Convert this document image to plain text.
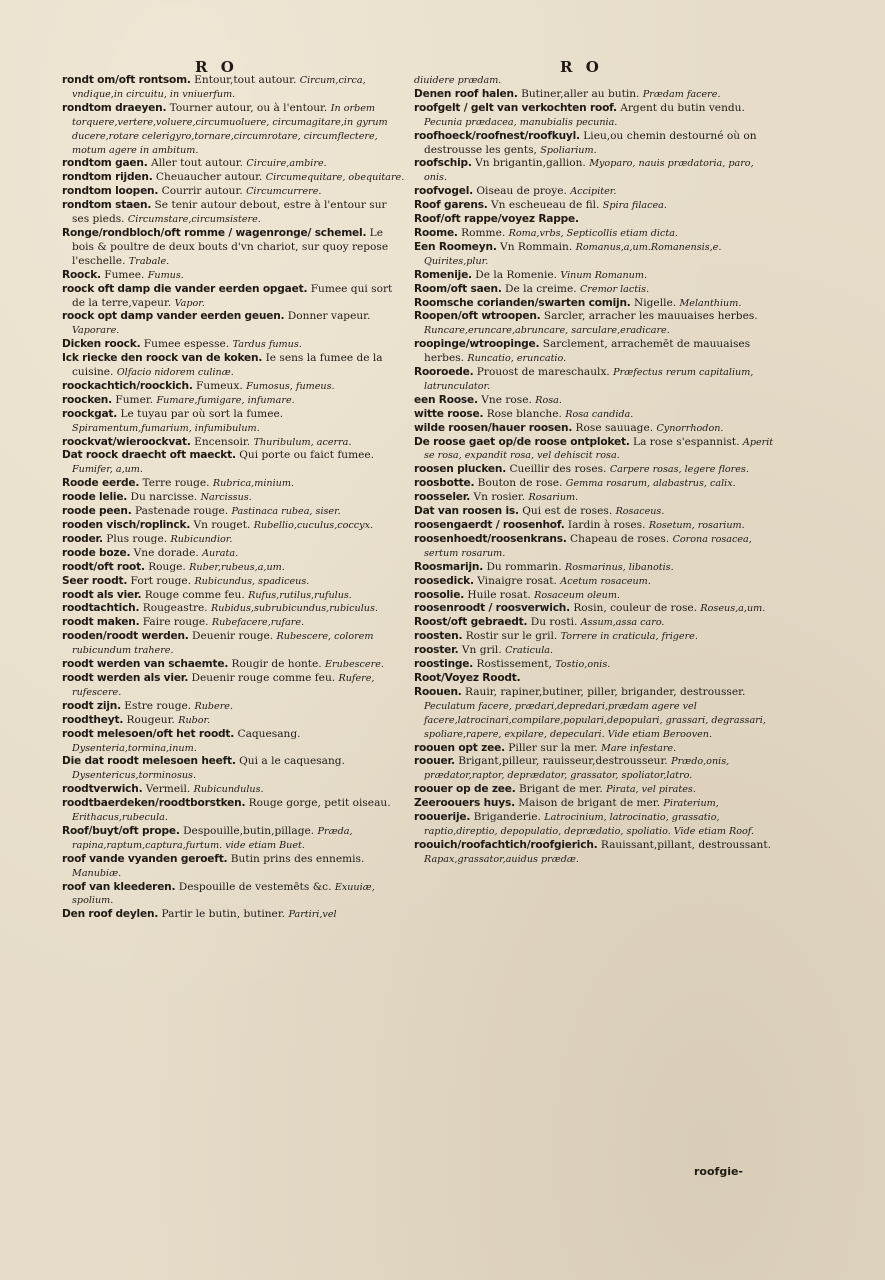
R O	R O

rondt om/oft rontsom. Entour,tout autour. Circum,circa, vndique,in circuitu, in vniuerfum.

rondtom draeyen. Tourner autour, ou à l'entour. In orbem torquere,vertere,voluere,circumuoluere, circumagitare,in gyrum ducere,rotare celerigyro,tornare,circumrotare, circumflectere, motum agere in ambitum.

rondtom gaen. Aller tout autour. Circuire,ambire.

rondtom rijden. Cheuaucher autour. Circumequitare, obequitare.

rondtom loopen. Courrir autour. Circumcurrere.

rondtom staen. Se tenir autour debout, estre à l'entour sur ses pieds. Circumstare,circumsistere.

Ronge/rondbloch/oft romme / wagenronge/ schemel. Le bois & poultre de deux bouts d'vn chariot, sur quoy repose l'eschelle. Trabale.

Roock. Fumee. Fumus.

roock oft damp die vander eerden opgaet. Fumee qui sort de la terre,vapeur. Vapor.

roock opt damp vander eerden geuen. Donner vapeur. Vaporare.

Dicken roock. Fumee espesse. Tardus fumus.

Ick riecke den roock van de koken. Ie sens la fumee de la cuisine. Olfacio nidorem culinæ.

roockachtich/roockich. Fumeux. Fumosus, fumeus.

roocken. Fumer. Fumare,fumigare, infumare.

roockgat. Le tuyau par où sort la fumee. Spiramentum,fumarium, infumibulum.

roockvat/wieroockvat. Encensoir. Thuribulum, acerra.

Dat roock draecht oft maeckt. Qui porte ou faict fumee. Fumifer, a,um.

Roode eerde. Terre rouge. Rubrica,minium.

roode lelie. Du narcisse. Narcissus.

roode peen. Pastenade rouge. Pastinaca rubea, siser.

rooden visch/roplinck. Vn rouget. Rubellio,cuculus,coccyx.

rooder. Plus rouge. Rubicundior.

roode boze. Vne dorade. Aurata.

roodt/oft root. Rouge. Ruber,rubeus,a,um.

Seer roodt. Fort rouge. Rubicundus, spadiceus.

roodt als vier. Rouge comme feu. Rufus,rutilus,rufulus.

roodtachtich. Rougeastre. Rubidus,subrubicundus,rubiculus.

roodt maken. Faire rouge. Rubefacere,rufare.

rooden/roodt werden. Deuenir rouge. Rubescere, colorem rubicundum trahere.

roodt werden van schaemte. Rougir de honte. Erubescere.

roodt werden als vier. Deuenir rouge comme feu. Rufere, rufescere.

roodt zijn. Estre rouge. Rubere.

roodtheyt. Rougeur. Rubor.

roodt melesoen/oft het roodt. Caquesang. Dysenteria,tormina,inum.

Die dat roodt melesoen heeft. Qui a le caquesang. Dysentericus,torminosus.

roodtverwich. Vermeil. Rubicundulus.

roodtbaerdeken/roodtborstken. Rouge gorge, petit oiseau. Erithacus,rubecula.

Roof/buyt/oft prope. Despouille,butin,pillage. Præda, rapina,raptum,captura,furtum. vide etiam Buet.

roof vande vyanden geroeft. Butin prins des ennemis. Manubiæ.

roof van kleederen. Despouille de vestemēts &c. Exuuiæ, spolium.

Den roof deylen. Partir le butin, butiner. Partiri,vel

diuidere prædam.

Denen roof halen. Butiner,aller au butin. Prædam facere.

roofgelt / gelt van verkochten roof. Argent du butin vendu. Pecunia prædacea, manubialis pecunia.

roofhoeck/roofnest/roofkuyl. Lieu,ou chemin destourné où on destrousse les gents, Spoliarium.

roofschip. Vn brigantin,gallion. Myoparo, nauis prædatoria, paro, onis.

roofvogel. Oiseau de proye. Accipiter.

Roof garens. Vn escheueau de fil. Spira filacea.

Roof/oft rappe/voyez Rappe.

Roome. Romme. Roma,vrbs, Septicollis etiam dicta.

Een Roomeyn. Vn Rommain. Romanus,a,um.Romanensis,e. Quirites,plur.

Romenije. De la Romenie. Vinum Romanum.

Room/oft saen. De la creime. Cremor lactis.

Roomsche corianden/swarten comijn. Nigelle. Melanthium.

Roopen/oft wtroopen. Sarcler, arracher les mauuaises herbes. Runcare,eruncare,abruncare, sarculare,eradicare.

roopinge/wtroopinge. Sarclement, arrachemēt de mauuaises herbes. Runcatio, eruncatio.

Rooroede. Prouost de mareschaulx. Præfectus rerum capitalium, latrunculator.

een Roose. Vne rose. Rosa.

witte roose. Rose blanche. Rosa candida.

wilde roosen/hauer roosen. Rose sauuage. Cynorrhodon.

De roose gaet op/de roose ontploket. La rose s'espannist. Aperit se rosa, expandit rosa, vel dehiscit rosa.

roosen plucken. Cueillir des roses. Carpere rosas, legere flores.

roosbotte. Bouton de rose. Gemma rosarum, alabastrus, calix.

roosseler. Vn rosier. Rosarium.

Dat van roosen is. Qui est de roses. Rosaceus.

roosengaerdt / roosenhof. Iardin à roses. Rosetum, rosarium.

roosenhoedt/roosenkrans. Chapeau de roses. Corona rosacea, sertum rosarum.

Roosmarijn. Du rommarin. Rosmarinus, libanotis.

roosedick. Vinaigre rosat. Acetum rosaceum.

roosolie. Huile rosat. Rosaceum oleum.

roosenroodt / roosverwich. Rosin, couleur de rose. Roseus,a,um.

Roost/oft gebraedt. Du rosti. Assum,assa caro.

roosten. Rostir sur le gril. Torrere in craticula, frigere.

rooster. Vn gril. Craticula.

roostinge. Rostissement, Tostio,onis.

Root/Voyez Roodt.

Roouen. Rauir, rapiner,butiner, piller, brigander, destrousser. Peculatum facere, prædari,depredari,prædam agere vel facere,latrocinari,compilare,populari,depopulari, grassari, degrassari, spoliare,rapere, expilare, depeculari. Vide etiam Berooven.

roouen opt zee. Piller sur la mer. Mare infestare.

roouer. Brigant,pilleur, rauisseur,destrousseur. Prædo,onis, prædator,raptor, deprædator, grassator, spoliator,latro.

roouer op de zee. Brigant de mer. Pirata, vel pirates.

Zeeroouers huys. Maison de brigant de mer. Piraterium,

roouerije. Briganderie. Latrocinium, latrocinatio, grassatio, raptio,direptio, depopulatio, deprædatio, spoliatio. Vide etiam Roof.

roouich/roofachtich/roofgierich. Rauissant,pillant, destroussant. Rapax,grassator,auidus prædæ.

roofgie-
